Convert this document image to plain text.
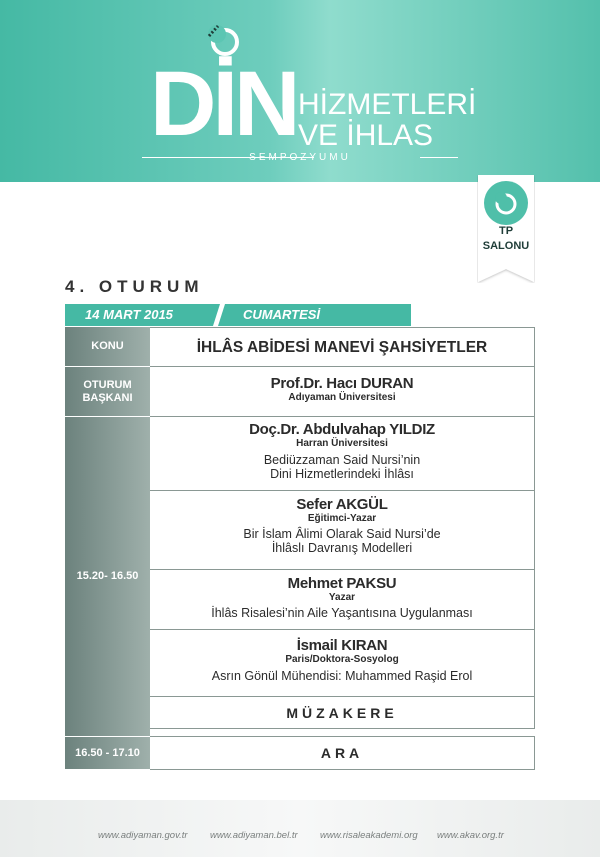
DİN HİZMETLERİ
VE İHLAS
SEMPOZYUMU
TP
SALONU
4. OTURUM
14 MART 2015	CUMARTESİ
KONU
OTURUM
BAŞKANI
15.20- 16.50
16.50 - 17.10
İHLÂS ABİDESİ MANEVİ ŞAHSİYETLER
Prof.Dr. Hacı DURAN
Adıyaman Üniversitesi
Doç.Dr. Abdulvahap YILDIZ
Harran Üniversitesi
Bediüzzaman Said Nursi’nin
Dini Hizmetlerindeki İhlâsı
Sefer AKGÜL
Eğitimci-Yazar
Bir İslam Âlimi Olarak Said Nursi’de
İhlâslı Davranış Modelleri
Mehmet PAKSU
Yazar
İhlâs Risalesi’nin Aile Yaşantısına Uygulanması
İsmail KIRAN
Paris/Doktora-Sosyolog
Asrın Gönül Mühendisi: Muhammed Raşid Erol
MÜZAKERE
ARA
www.adiyaman.gov.tr www.adiyaman.bel.tr www.risaleakademi.org www.akav.org.tr
